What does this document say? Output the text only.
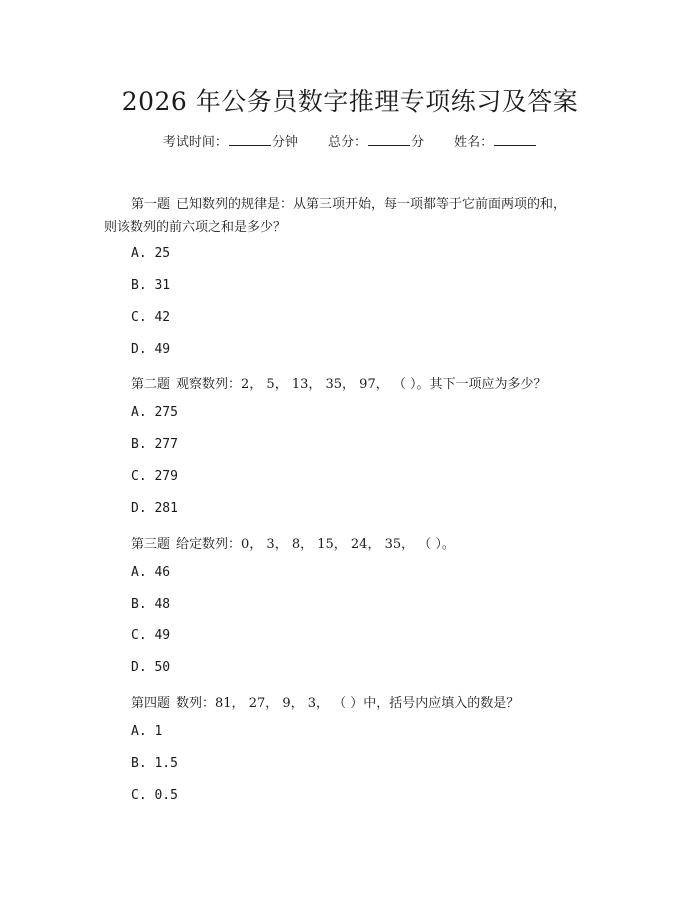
2026 年公务员数字推理专项练习及答案
考试时间：	分钟 总分：	分 姓名：
第一题 已知数列的规律是：从第三项开始，每一项都等于它前面两项的和，
则该数列的前六项之和是多少？
A. 25
B. 31
C. 42
D. 49
第二题 观察数列：2， 5， 13， 35， 97， （ ）。其下一项应为多少？
A. 275
B. 277
C. 279
D. 281
第三题 给定数列：0， 3， 8， 15， 24， 35， （ ）。
A. 46
B. 48
C. 49
D. 50
第四题 数列：81， 27， 9， 3， （ ）中，括号内应填入的数是？
A. 1
B. 1.5
C. 0.5
